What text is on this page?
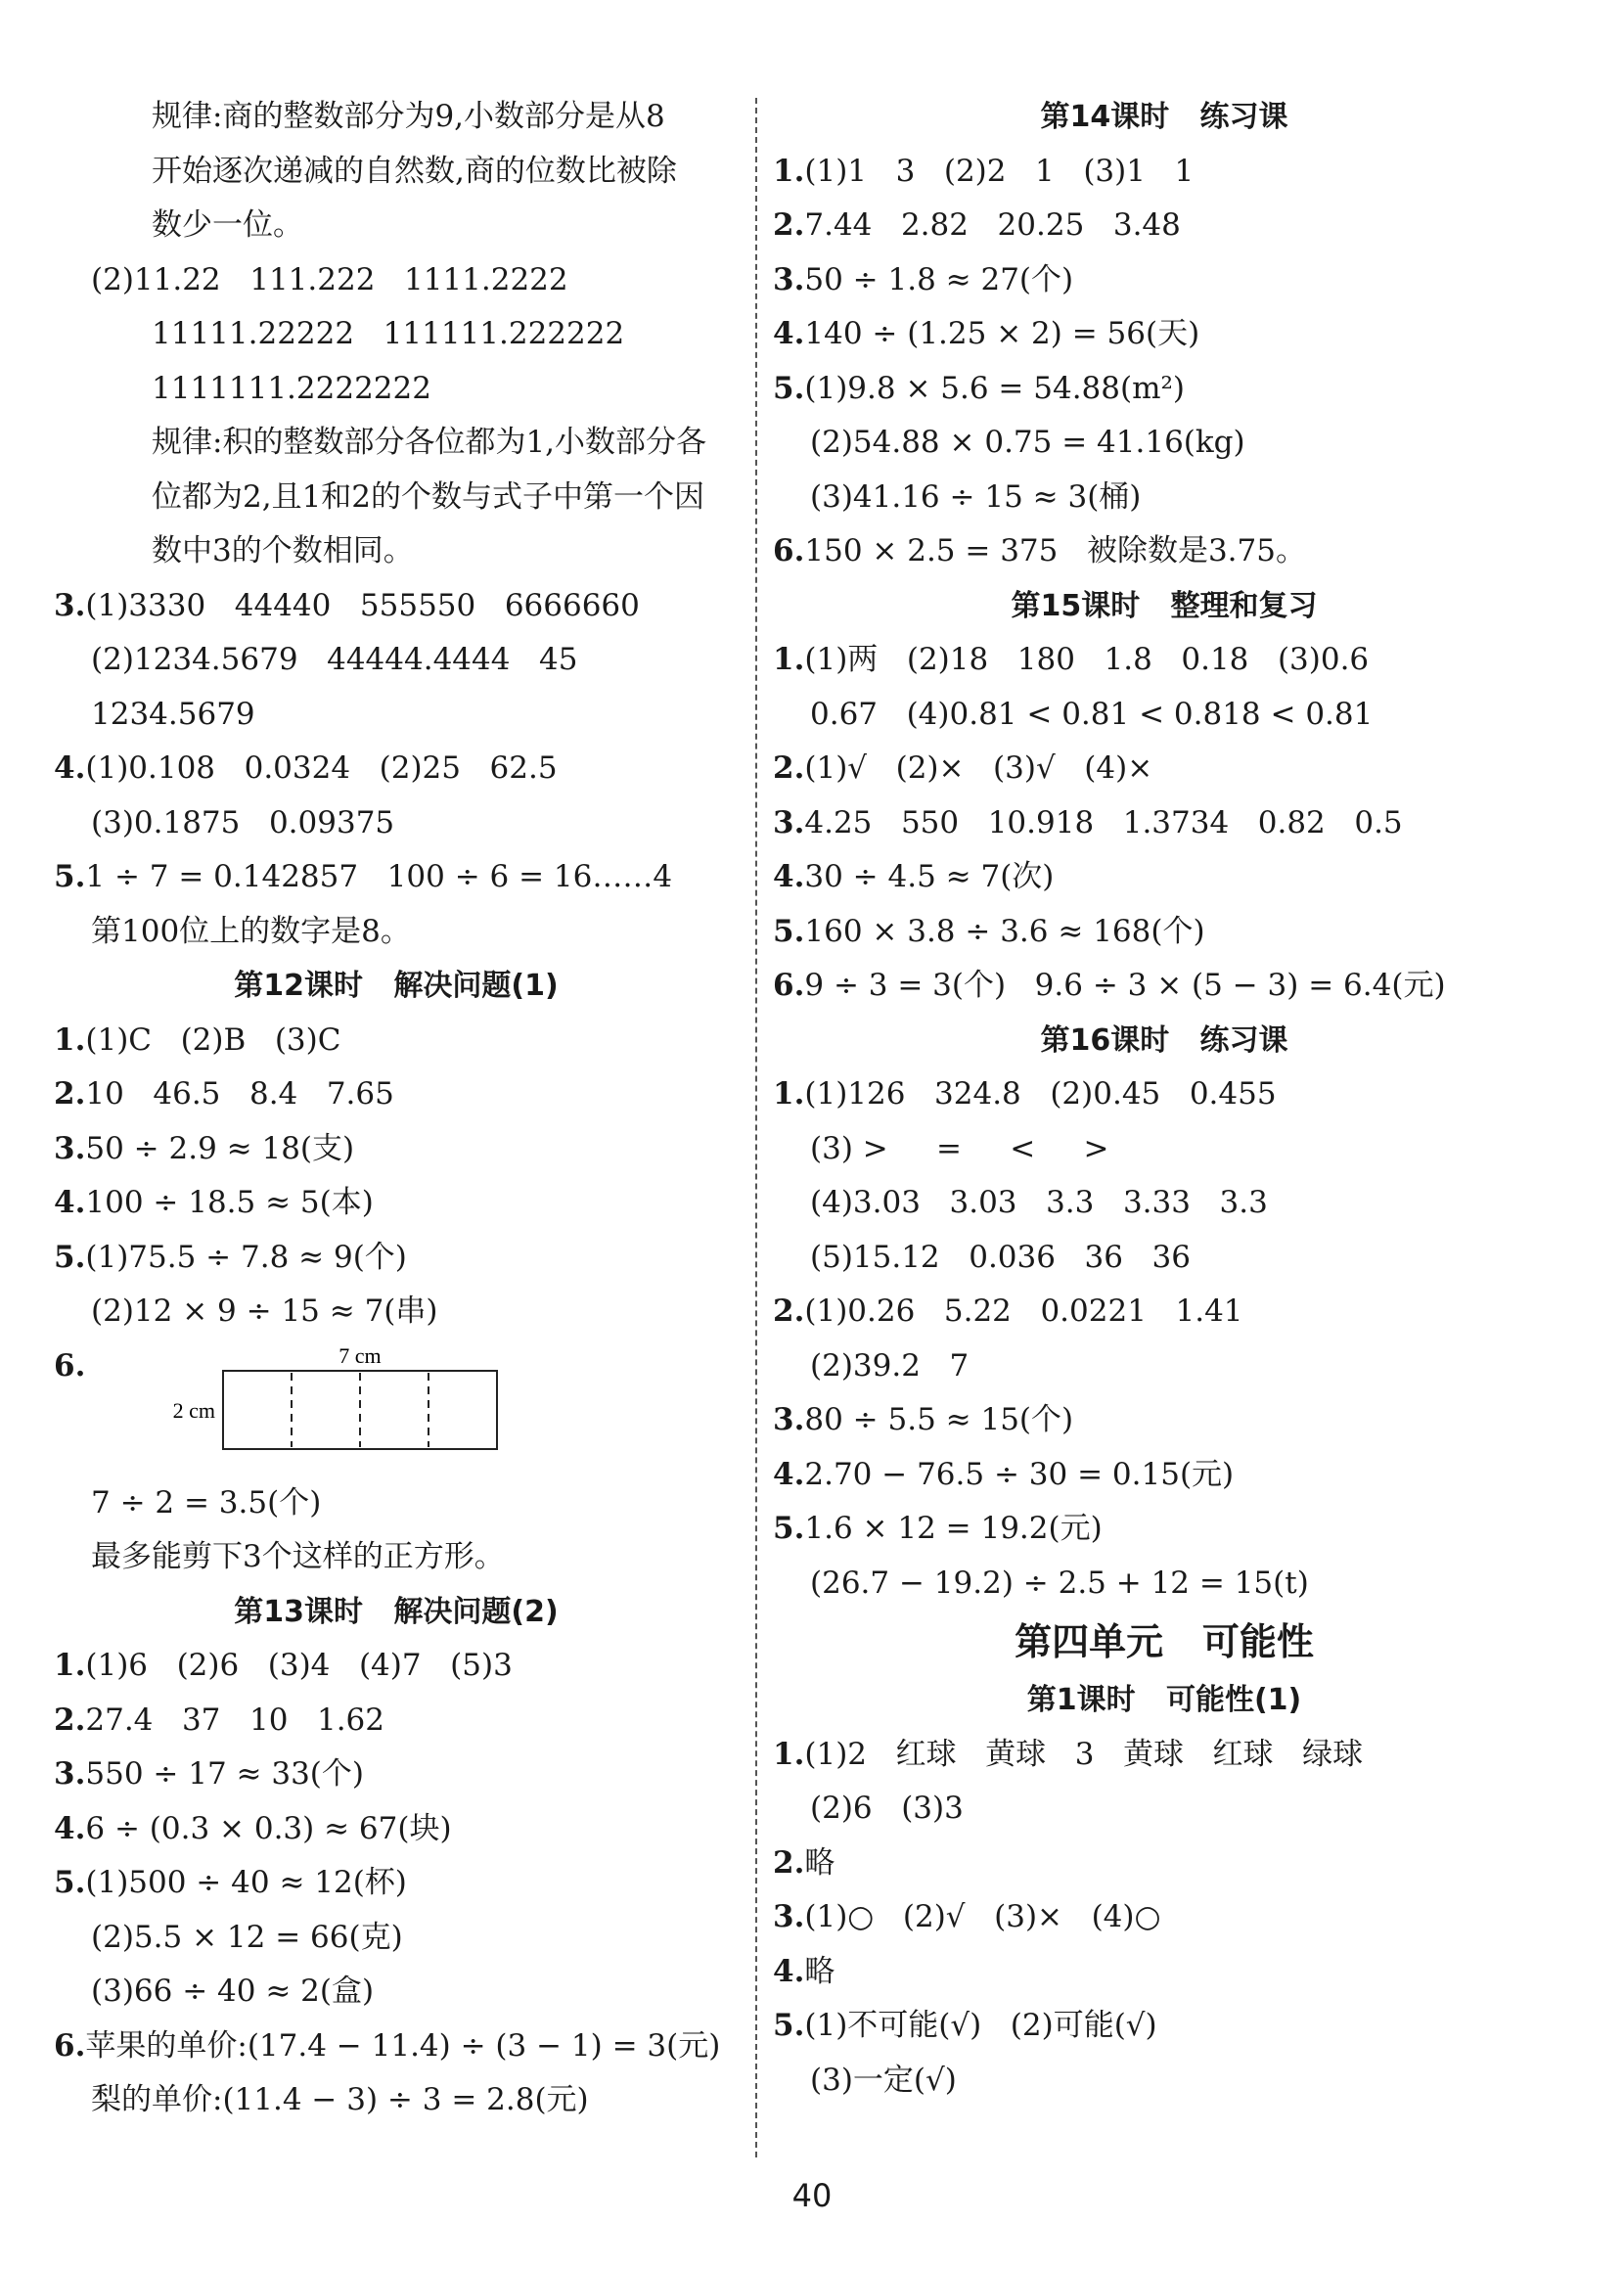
规律:商的整数部分为9,小数部分是从8
开始逐次递减的自然数,商的位数比被除
数少一位。
(2)11.22   111.222   1111.2222
11111.22222   111111.222222
1111111.2222222
规律:积的整数部分各位都为1,小数部分各
位都为2,且1和2的个数与式子中第一个因
数中3的个数相同。
3.(1)3330   44440   555550   6666660
(2)1234.5679   44444.4444   45
1234.5679
4.(1)0.108   0.0324   (2)25   62.5
(3)0.1875   0.09375
5.1 ÷ 7 = 0.142857   100 ÷ 6 = 16……4
第100位上的数字是8。
第12课时   解决问题(1)
1.(1)C   (2)B   (3)C
2.10   46.5   8.4   7.65
3.50 ÷ 2.9 ≈ 18(支)
4.100 ÷ 18.5 ≈ 5(本)
5.(1)75.5 ÷ 7.8 ≈ 9(个)
(2)12 × 9 ÷ 15 ≈ 7(串)
6.	7 cm
2 cm
7 ÷ 2 = 3.5(个)
最多能剪下3个这样的正方形。
第13课时   解决问题(2)
1.(1)6   (2)6   (3)4   (4)7   (5)3
2.27.4   37   10   1.62
3.550 ÷ 17 ≈ 33(个)
4.6 ÷ (0.3 × 0.3) ≈ 67(块)
5.(1)500 ÷ 40 ≈ 12(杯)
(2)5.5 × 12 = 66(克)
(3)66 ÷ 40 ≈ 2(盒)
6.苹果的单价:(17.4 − 11.4) ÷ (3 − 1) = 3(元)
梨的单价:(11.4 − 3) ÷ 3 = 2.8(元)
第14课时   练习课
1.(1)1   3   (2)2   1   (3)1   1
2.7.44   2.82   20.25   3.48
3.50 ÷ 1.8 ≈ 27(个)
4.140 ÷ (1.25 × 2) = 56(天)
5.(1)9.8 × 5.6 = 54.88(m²)
(2)54.88 × 0.75 = 41.16(kg)
(3)41.16 ÷ 15 ≈ 3(桶)
6.150 × 2.5 = 375   被除数是3.75。
第15课时   整理和复习
1.(1)两   (2)18   180   1.8   0.18   (3)0.6
0.67   (4)0.81 < 0.81 < 0.818 < 0.81
2.(1)√   (2)×   (3)√   (4)×
3.4.25   550   10.918   1.3734   0.82   0.5
4.30 ÷ 4.5 ≈ 7(次)
5.160 × 3.8 ÷ 3.6 ≈ 168(个)
6.9 ÷ 3 = 3(个)   9.6 ÷ 3 × (5 − 3) = 6.4(元)
第16课时   练习课
1.(1)126   324.8   (2)0.45   0.455
(3) >     =     <     >
(4)3.03   3.03   3.3   3.33   3.3
(5)15.12   0.036   36   36
2.(1)0.26   5.22   0.0221   1.41
(2)39.2   7
3.80 ÷ 5.5 ≈ 15(个)
4.2.70 − 76.5 ÷ 30 = 0.15(元)
5.1.6 × 12 = 19.2(元)
(26.7 − 19.2) ÷ 2.5 + 12 = 15(t)
第四单元   可能性
第1课时   可能性(1)
1.(1)2   红球   黄球   3   黄球   红球   绿球
(2)6   (3)3
2.略
3.(1)○   (2)√   (3)×   (4)○
4.略
5.(1)不可能(√)   (2)可能(√)
(3)一定(√)
40
